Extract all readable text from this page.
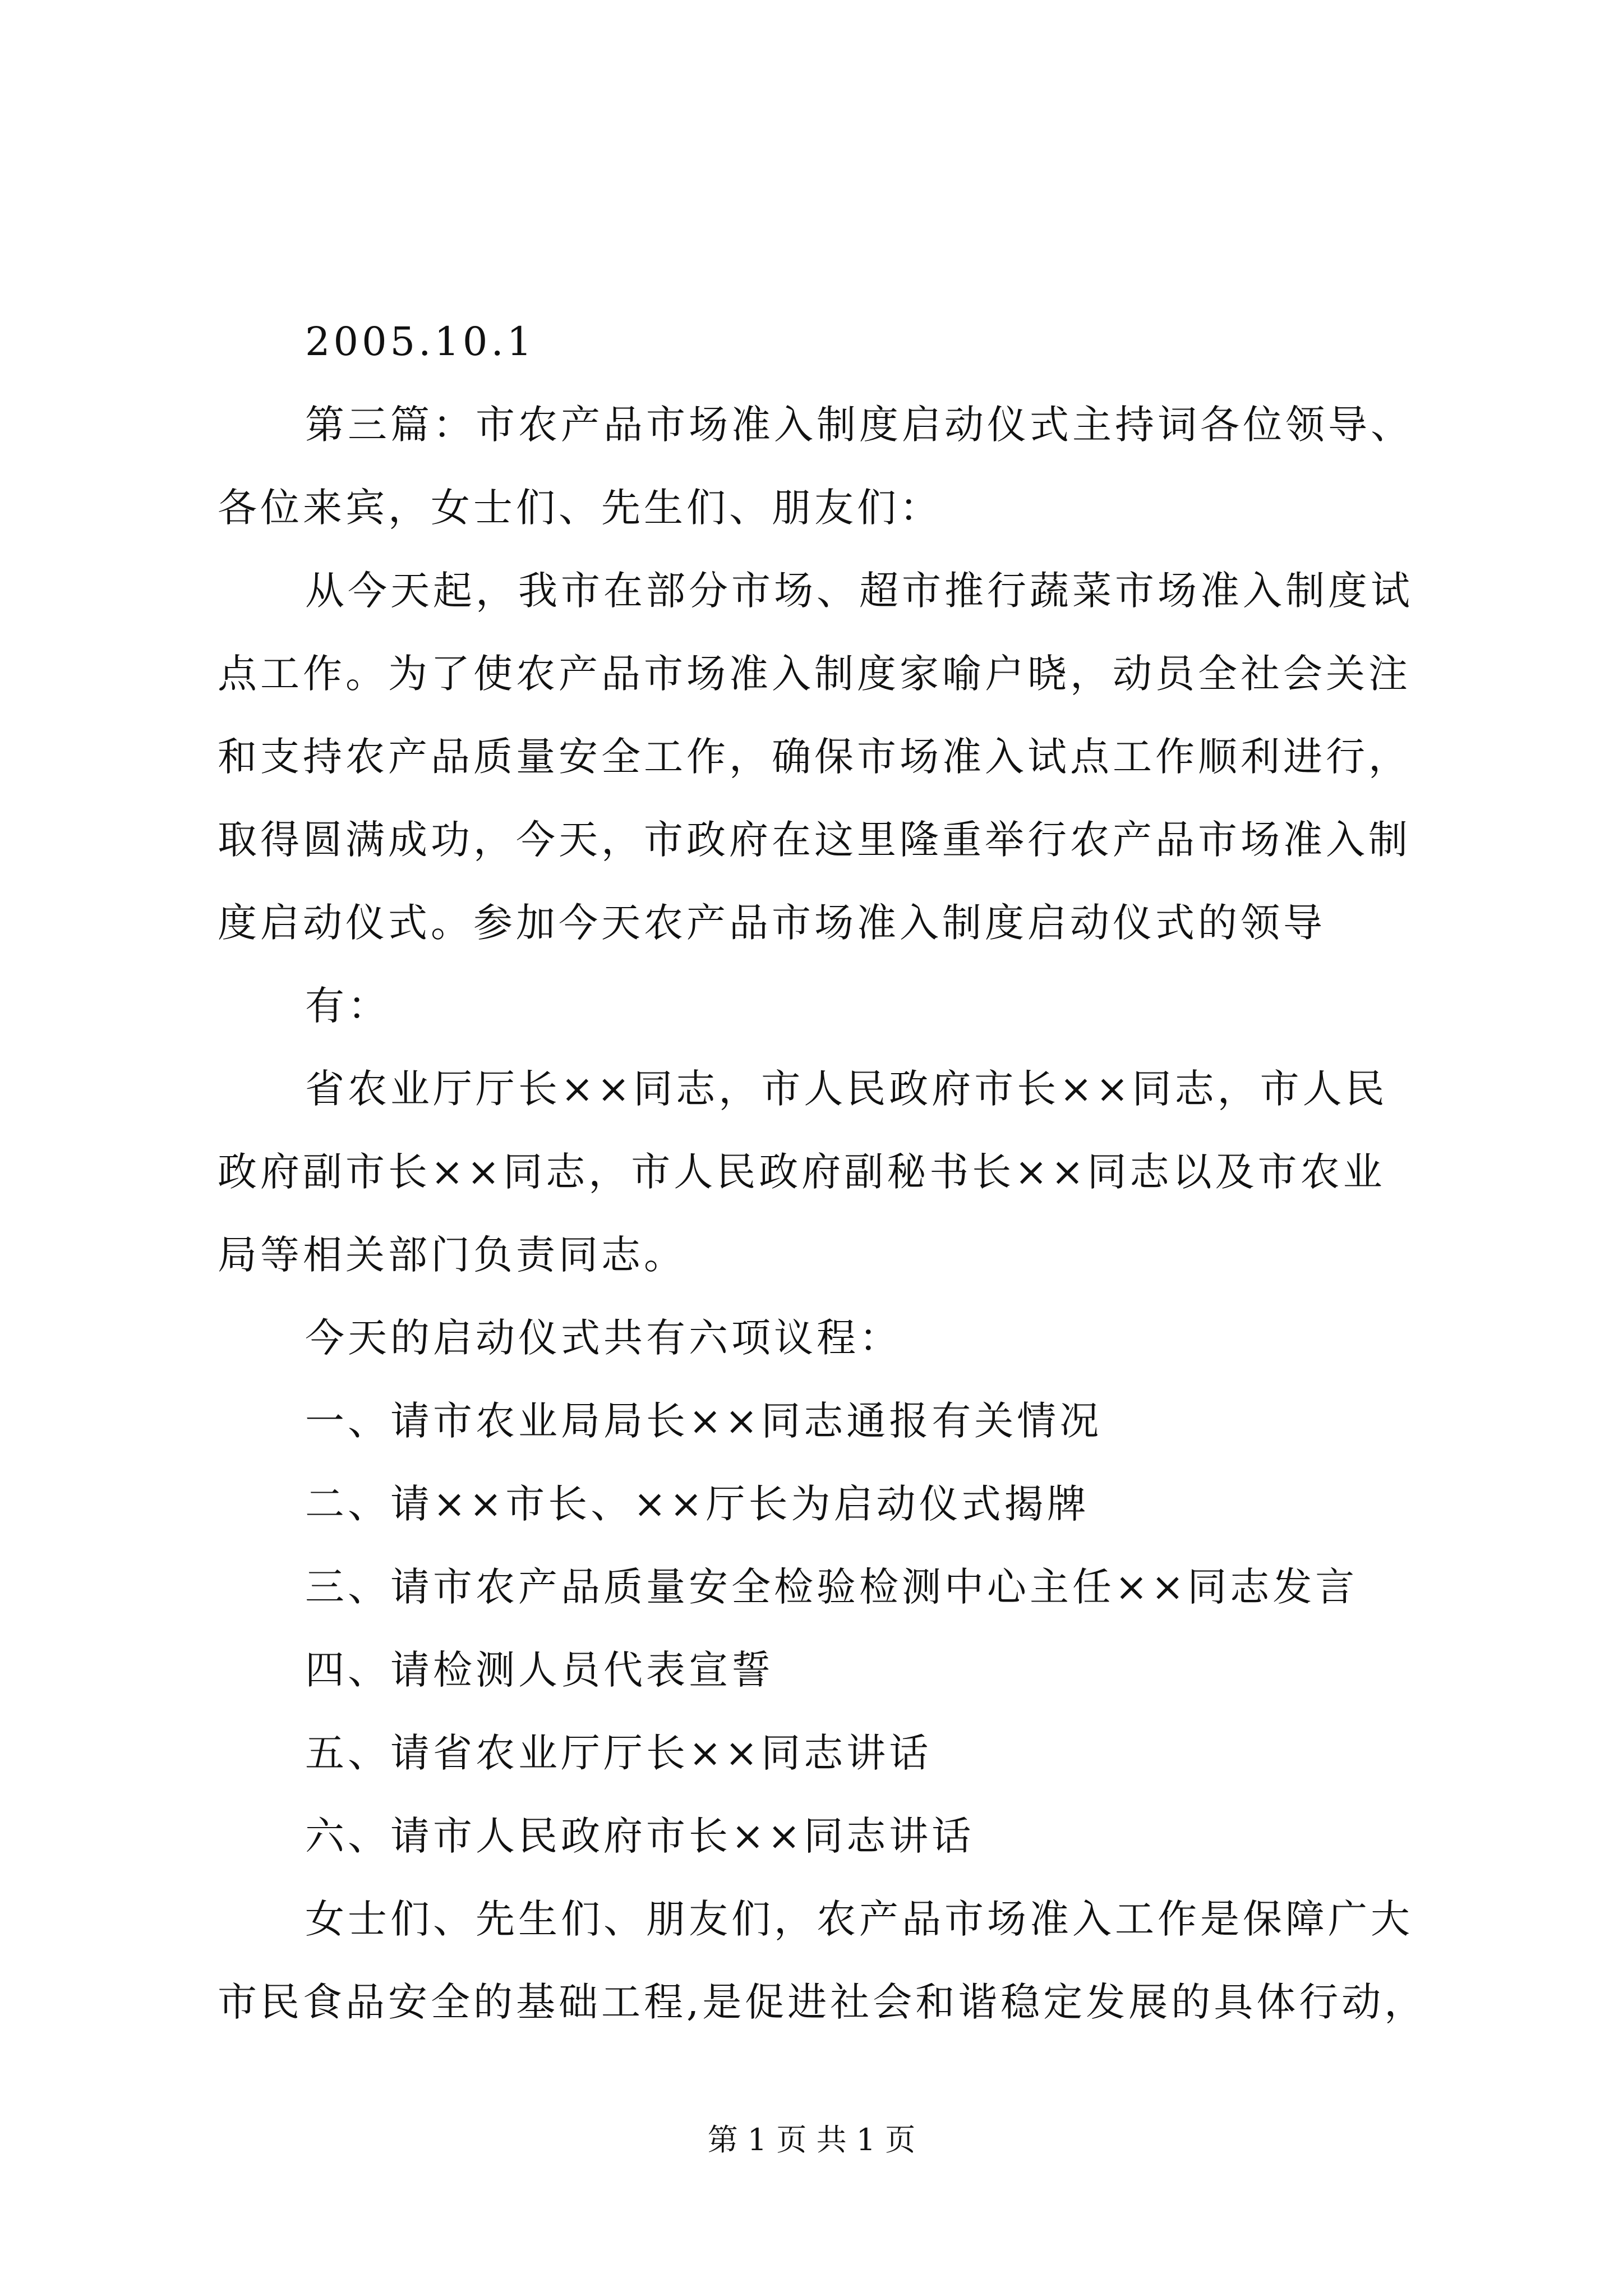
2005.10.1
第三篇：市农产品市场准入制度启动仪式主持词各位领导、
各位来宾，女士们、先生们、朋友们：
从今天起，我市在部分市场、超市推行蔬菜市场准入制度试
点工作。为了使农产品市场准入制度家喻户晓，动员全社会关注
和支持农产品质量安全工作，确保市场准入试点工作顺利进行，
取得圆满成功，今天，市政府在这里隆重举行农产品市场准入制
度启动仪式。参加今天农产品市场准入制度启动仪式的领导
有：
省农业厅厅长××同志，市人民政府市长××同志，市人民
政府副市长××同志，市人民政府副秘书长××同志以及市农业
局等相关部门负责同志。
今天的启动仪式共有六项议程：
一、请市农业局局长××同志通报有关情况
二、请××市长、××厅长为启动仪式揭牌
三、请市农产品质量安全检验检测中心主任××同志发言
四、请检测人员代表宣誓
五、请省农业厅厅长××同志讲话
六、请市人民政府市长××同志讲话
女士们、先生们、朋友们，农产品市场准入工作是保障广大
市民食品安全的基础工程,是促进社会和谐稳定发展的具体行动，
第 1 页 共 1 页
